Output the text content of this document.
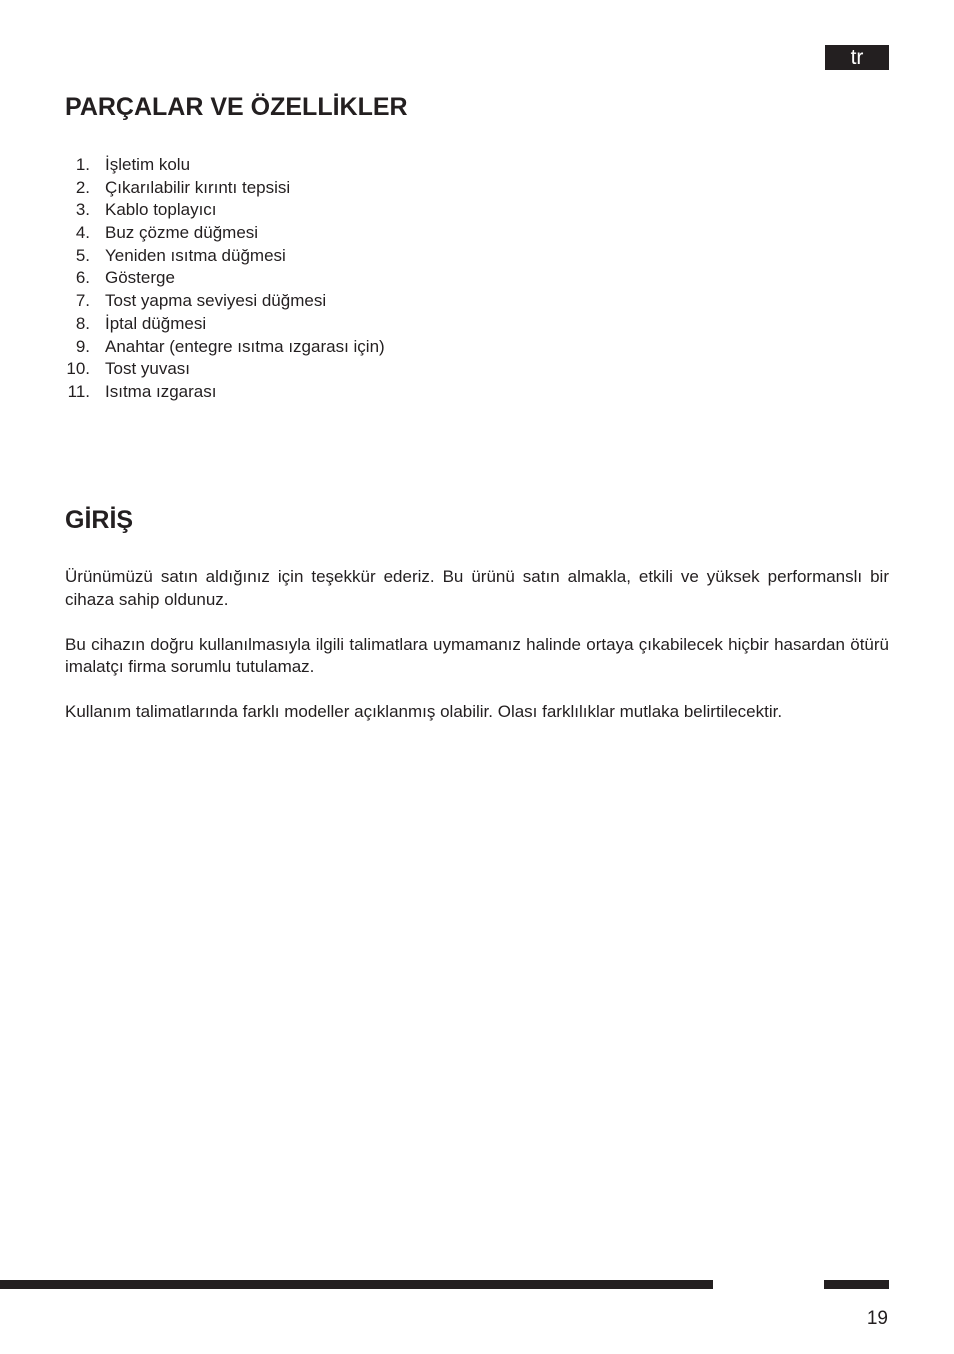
tr
PARÇALAR VE ÖZELLİKLER
1. İşletim kolu
2. Çıkarılabilir kırıntı tepsisi
3. Kablo toplayıcı
4. Buz çözme düğmesi
5. Yeniden ısıtma düğmesi
6. Gösterge
7. Tost yapma seviyesi düğmesi
8. İptal düğmesi
9. Anahtar (entegre ısıtma ızgarası için)
10. Tost yuvası
11. Isıtma ızgarası
GİRİŞ

Ürünümüzü satın aldığınız için teşekkür ederiz. Bu ürünü satın almakla, etkili ve yüksek performanslı bir cihaza sahip oldunuz.

Bu cihazın doğru kullanılmasıyla ilgili talimatlara uymamanız halinde ortaya çıkabilecek hiçbir hasardan ötürü imalatçı firma sorumlu tutulamaz.

Kullanım talimatlarında farklı modeller açıklanmış olabilir. Olası farklılıklar mutlaka belirtilecektir.

19
